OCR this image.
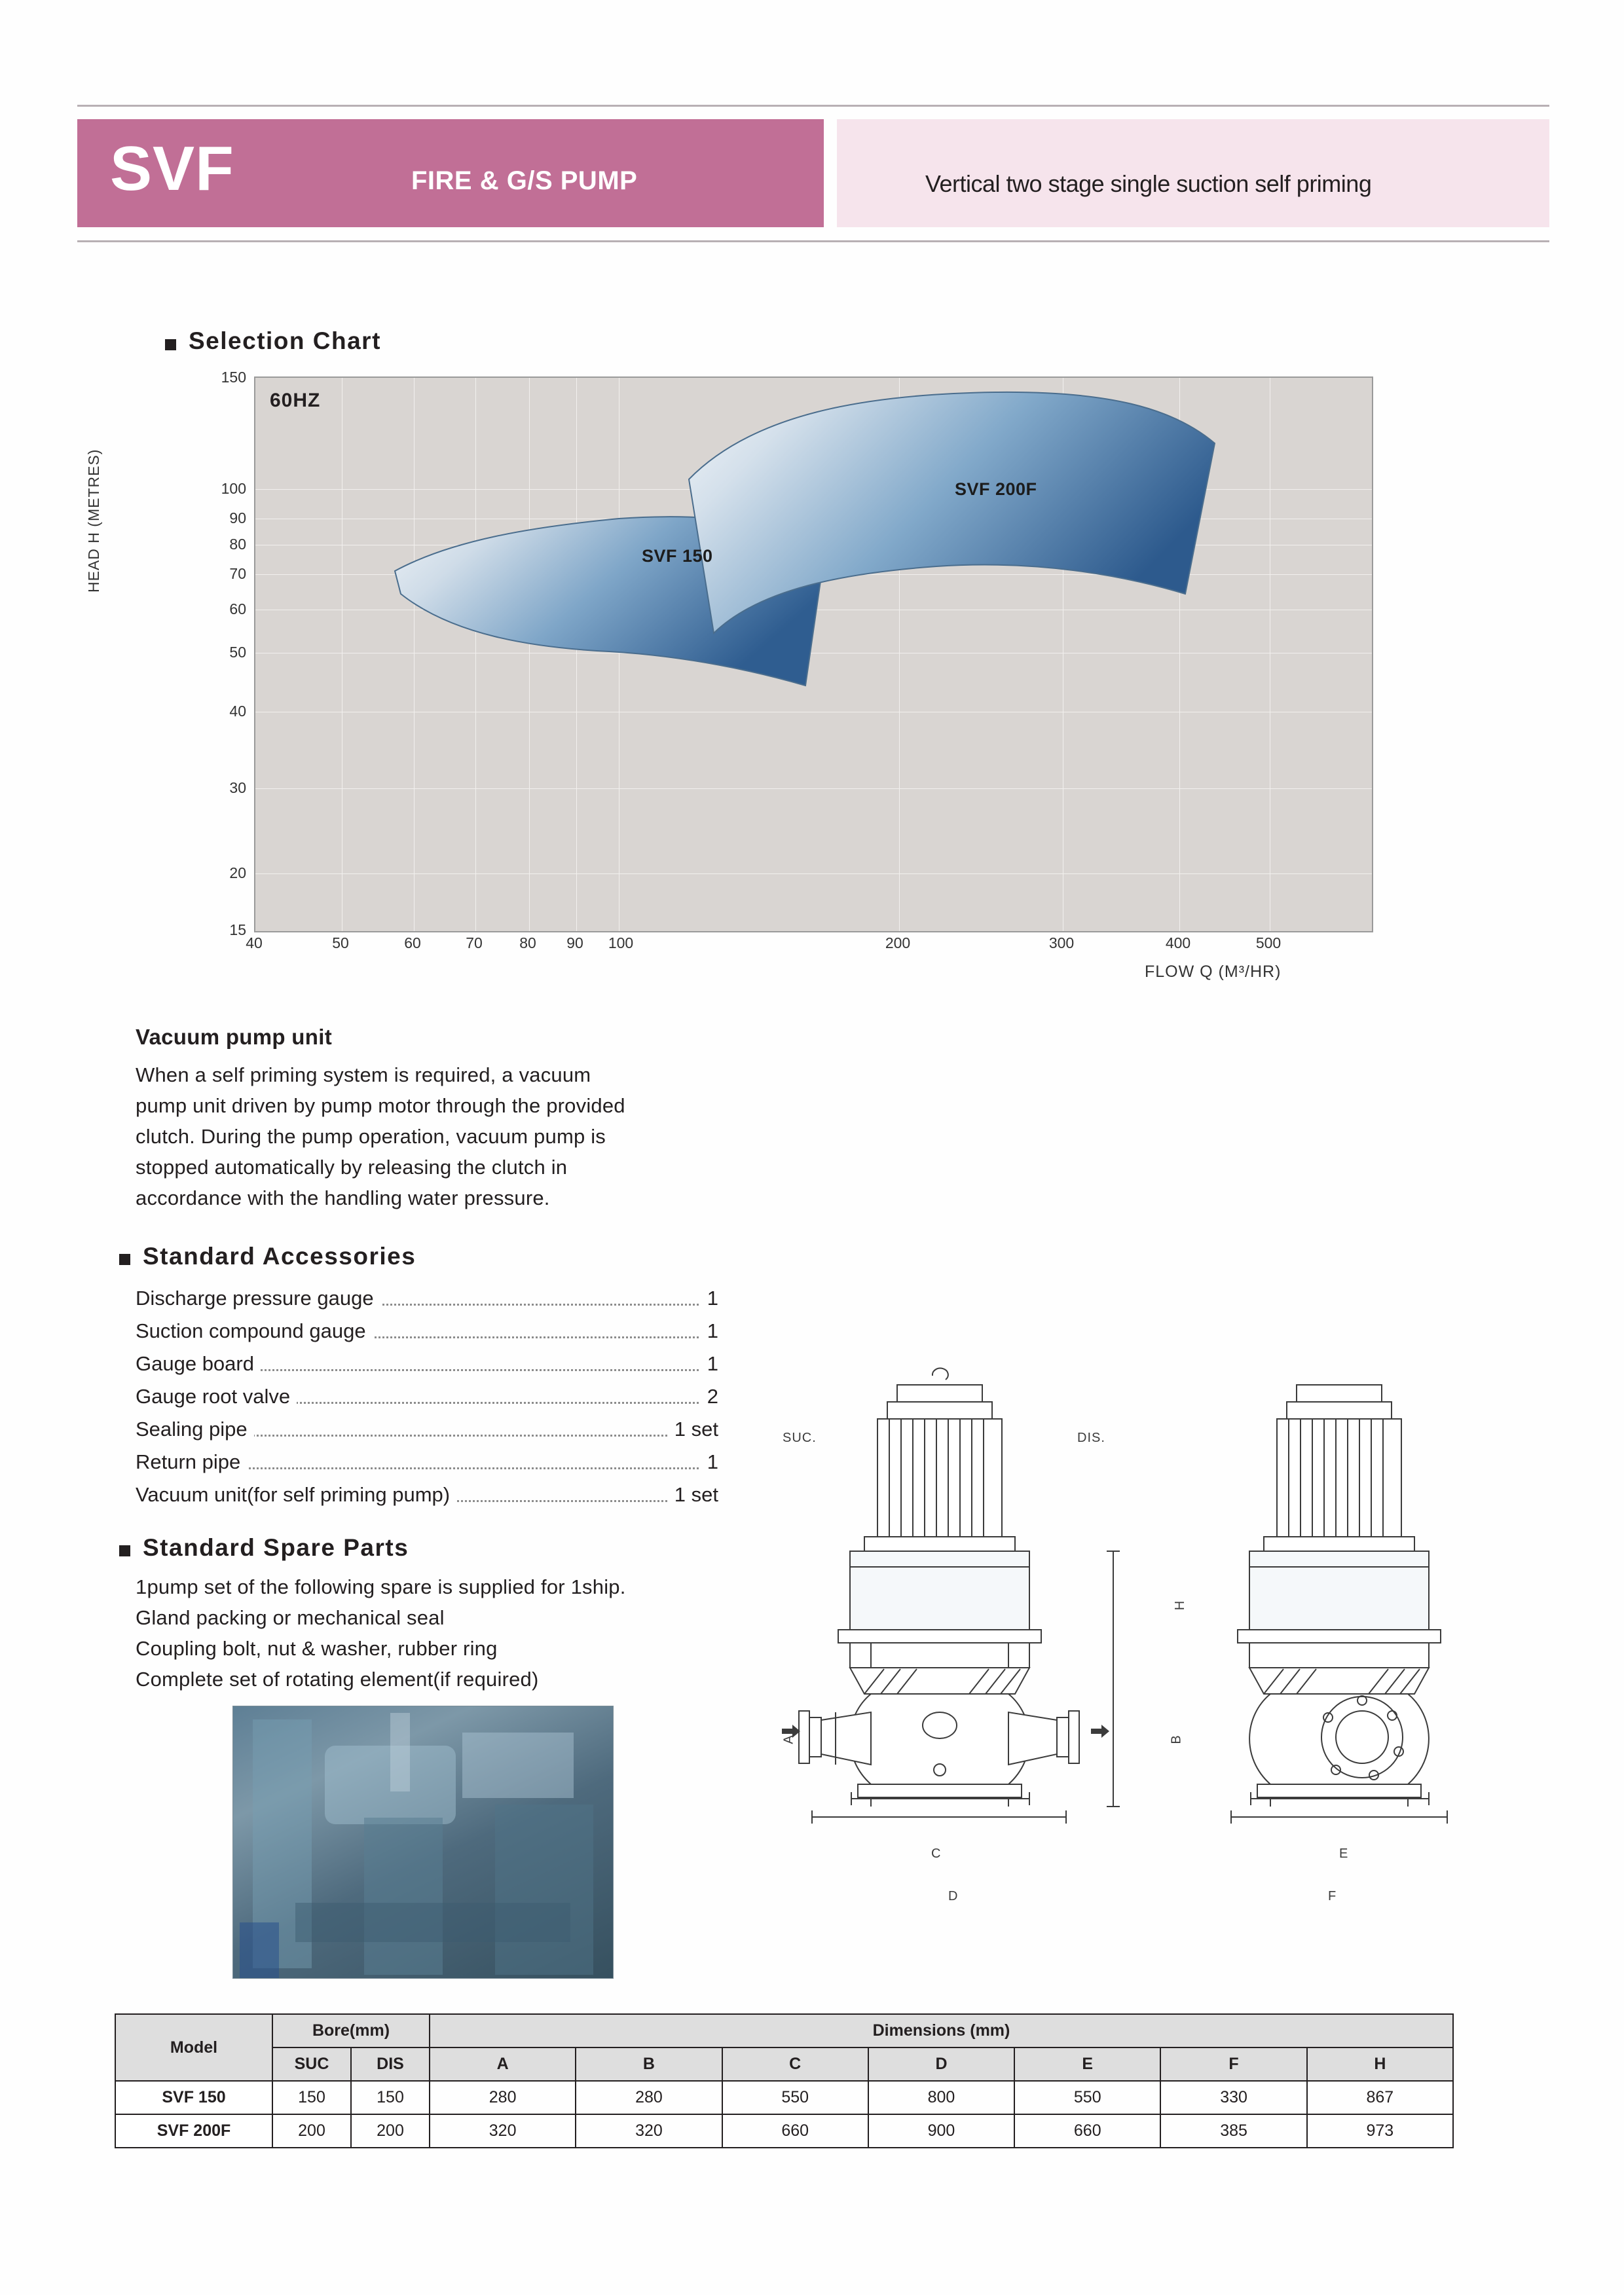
SVF	FIRE & G/S PUMP	Vertical two stage single suction self priming
Selection Chart
HEAD H (METRES)
150
100
90
80
70
60
50
40
30
20
15
60HZ
SVF 150
SVF 200F
40	50	60	70	80	90	100	200	300	400	500
FLOW Q (M³/HR)
Vacuum pump unit
When a self priming system is required, a vacuum
pump unit driven by pump motor through the provided
clutch. During the pump operation, vacuum pump is
stopped automatically by releasing the clutch in
accordance with the handling water pressure.
Standard Accessories
Discharge pressure gauge	1
Suction compound gauge	1
Gauge board	1
Gauge root valve	2
Sealing pipe	1 set
Return pipe	1
Vacuum unit(for self priming pump)	1 set
Standard Spare Parts
1pump set of the following spare is supplied for 1ship.
Gland packing or mechanical seal
Coupling bolt, nut & washer, rubber ring
Complete set of rotating element(if required)
SUC.	DIS.
A	B
C
D
E
F
H
Model	Bore(mm)		Dimensions (mm)						
	SUC	DIS	A	B	C	D	E	F	H
SVF 150	150	150	280	280	550	800	550	330	867
SVF 200F	200	200	320	320	660	900	660	385	973
